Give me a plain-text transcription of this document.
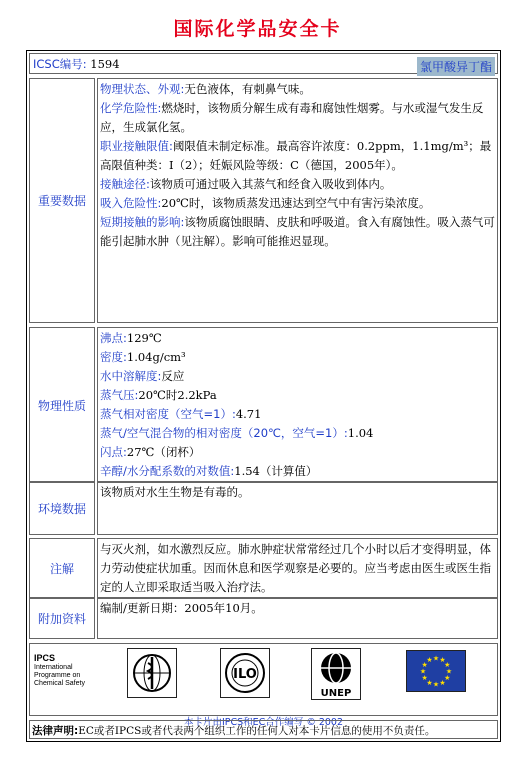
国际化学品安全卡
ICSC编号: 1594	氯甲酸异丁酯
重要数据
物理状态、外观:无色液体，有刺鼻气味。
化学危险性:燃烧时，该物质分解生成有毒和腐蚀性烟雾。与水或湿气发生反应，生成氯化氢。
职业接触限值:阈限值未制定标准。最高容许浓度：0.2ppm，1.1mg/m³；最高限值种类：I（2）；妊娠风险等级：C（德国，2005年）。
接触途径:该物质可通过吸入其蒸气和经食入吸收到体内。
吸入危险性:20℃时，该物质蒸发迅速达到空气中有害污染浓度。
短期接触的影响:该物质腐蚀眼睛、皮肤和呼吸道。食入有腐蚀性。吸入蒸气可能引起肺水肿（见注解）。影响可能推迟显现。
物理性质
沸点:129℃
密度:1.04g/cm³
水中溶解度:反应
蒸气压:20℃时2.2kPa
蒸气相对密度（空气=1）:4.71
蒸气/空气混合物的相对密度（20℃，空气=1）:1.04
闪点:27℃（闭杯）
辛醇/水分配系数的对数值:1.54（计算值）
环境数据
该物质对水生生物是有毒的。
注解
与灭火剂，如水激烈反应。肺水肿症状常常经过几个小时以后才变得明显，体力劳动使症状加重。因而休息和医学观察是必要的。应当考虑由医生或医生指定的人立即采取适当吸入治疗法。
附加资料
编制/更新日期：2005年10月。
IPCS
International
Programme on
Chemical Safety
ILO
UNEP
★ ★
★
★
★
★
★
★
★
★
★
★
本卡片由IPCS和EC合作编写 © 2002
法律声明:EC或者IPCS或者代表两个组织工作的任何人对本卡片信息的使用不负责任。
